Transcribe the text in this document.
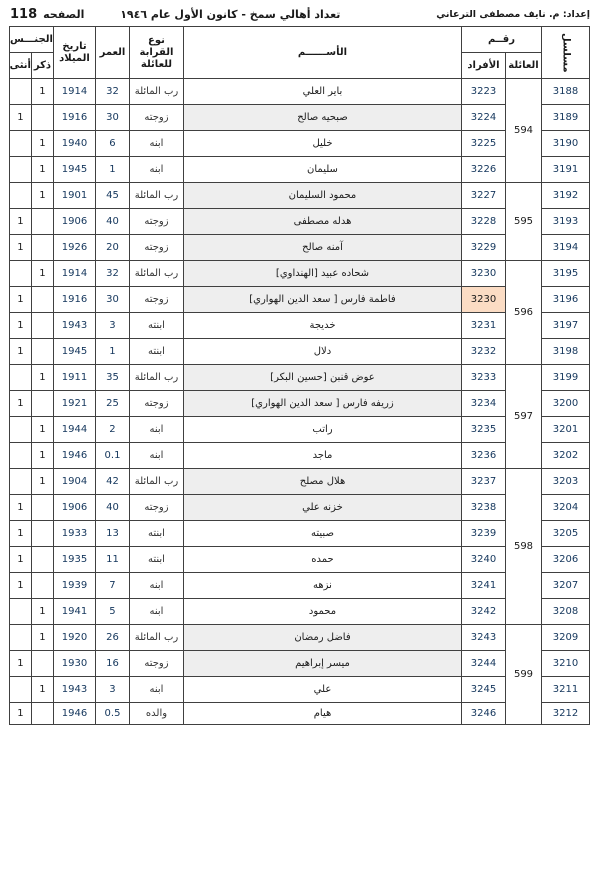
118 الصفحه	تعداد أهالي سمخ - كانون الأول عام ١٩٤٦	إعداد: م. نايف مصطفى الترعاني
مسلسل	
رقــم
	الأســــــم	
نوع
القرابة
للعائلة
	العمر	
تاريخ
الميلاد
	الجنـــس
	العائلة	الأفراد					ذكر	أنثى
3188	594	3223	باير العلي	رب المائلة	32	1914	1	
3189		3224	صبحيه صالح	زوجته	30	1916		1
3190		3225	خليل	ابنه	6	1940	1	
3191		3226	سليمان	ابنه	1	1945	1	
3192	595	3227	محمود السليمان	رب المائلة	45	1901	1	
3193		3228	هدله مصطفى	زوجته	40	1906		1
3194		3229	آمنه صالح	زوجته	20	1926		1
3195	596	3230	شحاده عبيد [الهنداوي]	رب المائلة	32	1914	1	
3196		3230	فاطمة فارس [ سعد الدين الهواري]	زوجته	30	1916		1
3197		3231	خديجة	ابنته	3	1943		1
3198		3232	دلال	ابنته	1	1945		1
3199	597	3233	عوض قنبن [حسين البكر]	رب المائلة	35	1911	1	
3200		3234	زريفه فارس [ سعد الدين الهواري]	زوجته	25	1921		1
3201		3235	راتب	ابنه	2	1944	1	
3202		3236	ماجد	ابنه	0.1	1946	1	
3203	598	3237	هلال مصلح	رب المائلة	42	1904	1	
3204		3238	خزنه علي	زوجته	40	1906		1
3205		3239	صبيته	ابنته	13	1933		1
3206		3240	حمده	ابنته	11	1935		1
3207		3241	نزهه	ابنه	7	1939		1
3208		3242	محمود	ابنه	5	1941	1	
3209	599	3243	فاضل رمضان	رب المائلة	26	1920	1	
3210		3244	ميسر إبراهيم	زوجته	16	1930		1
3211		3245	علي	ابنه	3	1943	1	
3212		3246	هيام	والده	0.5	1946		1
